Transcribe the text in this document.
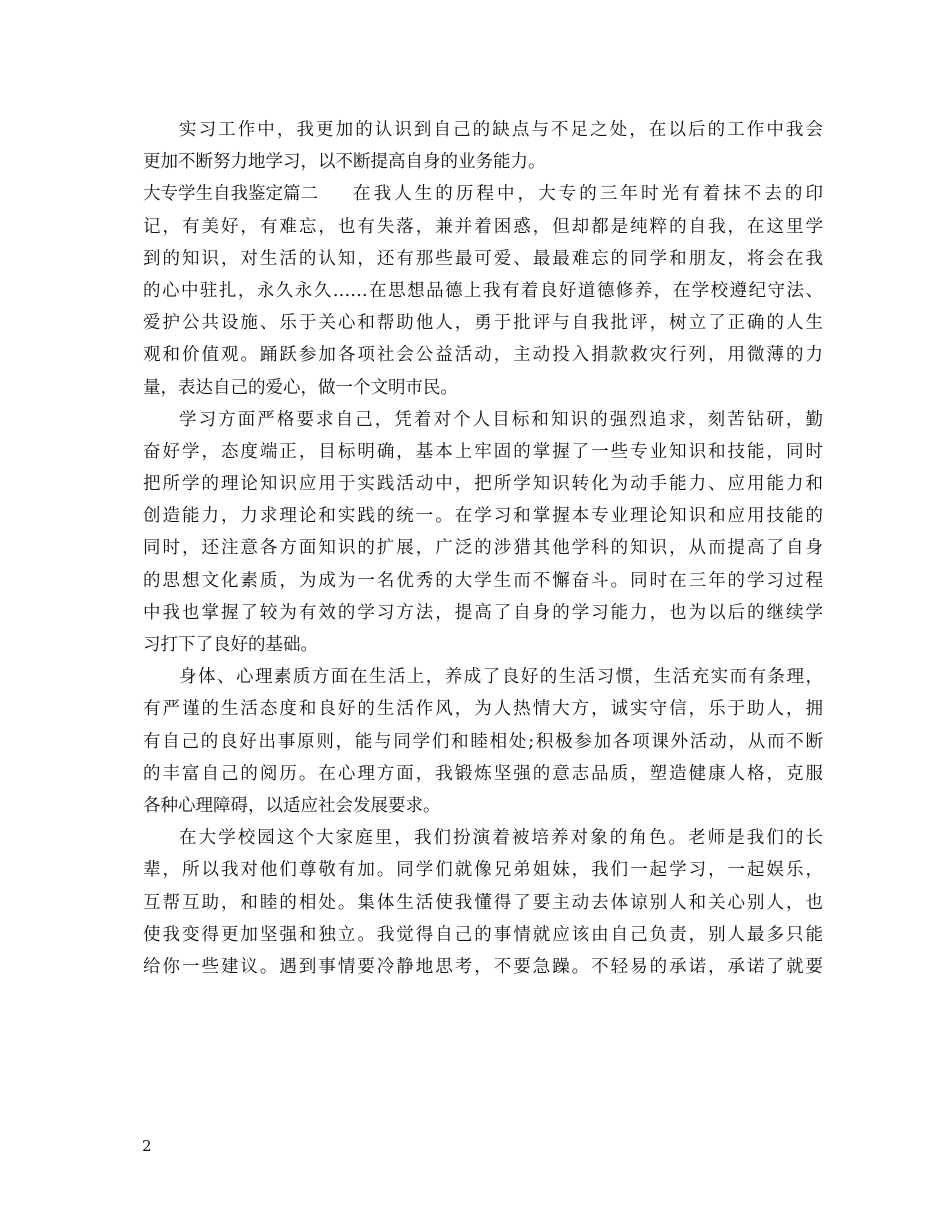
实习工作中，我更加的认识到自己的缺点与不足之处，在以后的工作中我会
更加不断努力地学习，以不断提高自身的业务能力。
大专学生自我鉴定篇二	在我人生的历程中，大专的三年时光有着抹不去的印
记，有美好，有难忘，也有失落，兼并着困惑，但却都是纯粹的自我，在这里学
到的知识，对生活的认知，还有那些最可爱、最最难忘的同学和朋友，将会在我
的心中驻扎，永久永久……在思想品德上我有着良好道德修养，在学校遵纪守法、
爱护公共设施、乐于关心和帮助他人，勇于批评与自我批评，树立了正确的人生
观和价值观。踊跃参加各项社会公益活动，主动投入捐款救灾行列，用微薄的力
量，表达自己的爱心，做一个文明市民。
学习方面严格要求自己，凭着对个人目标和知识的强烈追求，刻苦钻研，勤
奋好学，态度端正，目标明确，基本上牢固的掌握了一些专业知识和技能，同时
把所学的理论知识应用于实践活动中，把所学知识转化为动手能力、应用能力和
创造能力，力求理论和实践的统一。在学习和掌握本专业理论知识和应用技能的
同时，还注意各方面知识的扩展，广泛的涉猎其他学科的知识，从而提高了自身
的思想文化素质，为成为一名优秀的大学生而不懈奋斗。同时在三年的学习过程
中我也掌握了较为有效的学习方法，提高了自身的学习能力，也为以后的继续学
习打下了良好的基础。
身体、心理素质方面在生活上，养成了良好的生活习惯，生活充实而有条理，
有严谨的生活态度和良好的生活作风，为人热情大方，诚实守信，乐于助人，拥
有自己的良好出事原则，能与同学们和睦相处;积极参加各项课外活动，从而不断
的丰富自己的阅历。在心理方面，我锻炼坚强的意志品质，塑造健康人格，克服
各种心理障碍，以适应社会发展要求。
在大学校园这个大家庭里，我们扮演着被培养对象的角色。老师是我们的长
辈，所以我对他们尊敬有加。同学们就像兄弟姐妹，我们一起学习，一起娱乐，
互帮互助，和睦的相处。集体生活使我懂得了要主动去体谅别人和关心别人，也
使我变得更加坚强和独立。我觉得自己的事情就应该由自己负责，别人最多只能
给你一些建议。遇到事情要冷静地思考，不要急躁。不轻易的承诺，承诺了就要
2
